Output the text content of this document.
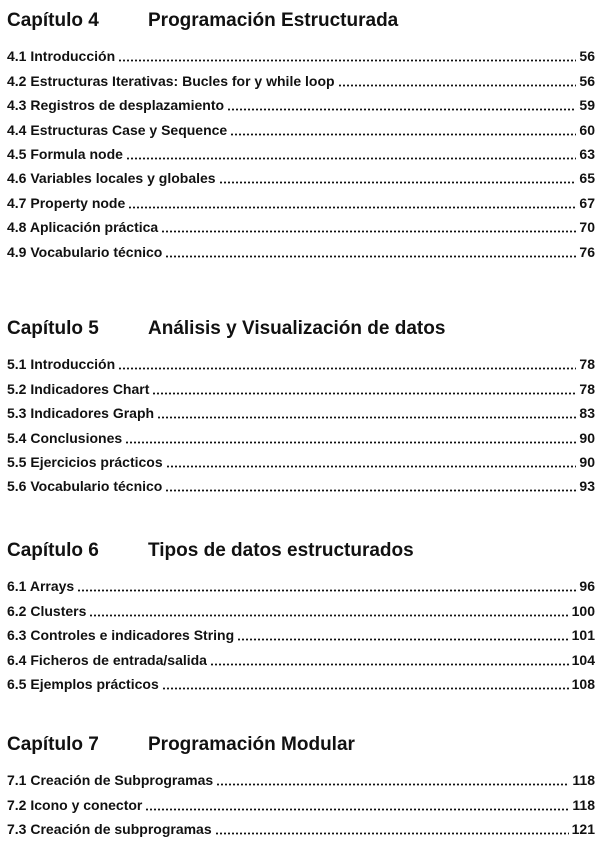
Capítulo 4	Programación Estructurada
4.1 Introducción	56
4.2 Estructuras Iterativas: Bucles for y while loop	56
4.3 Registros de desplazamiento	59
4.4 Estructuras Case y Sequence	60
4.5 Formula node	63
4.6 Variables locales y globales	65
4.7 Property node	67
4.8 Aplicación práctica	70
4.9 Vocabulario técnico	76
Capítulo 5	Análisis y Visualización de datos
5.1 Introducción	78
5.2 Indicadores Chart	78
5.3 Indicadores Graph	83
5.4 Conclusiones	90
5.5 Ejercicios prácticos	90
5.6 Vocabulario técnico	93
Capítulo 6	Tipos de datos estructurados
6.1 Arrays	96
6.2 Clusters	100
6.3 Controles e indicadores String	101
6.4 Ficheros de entrada/salida	104
6.5 Ejemplos prácticos	108
Capítulo 7	Programación Modular
7.1 Creación de Subprogramas	118
7.2 Icono y conector	118
7.3 Creación de subprogramas	121
